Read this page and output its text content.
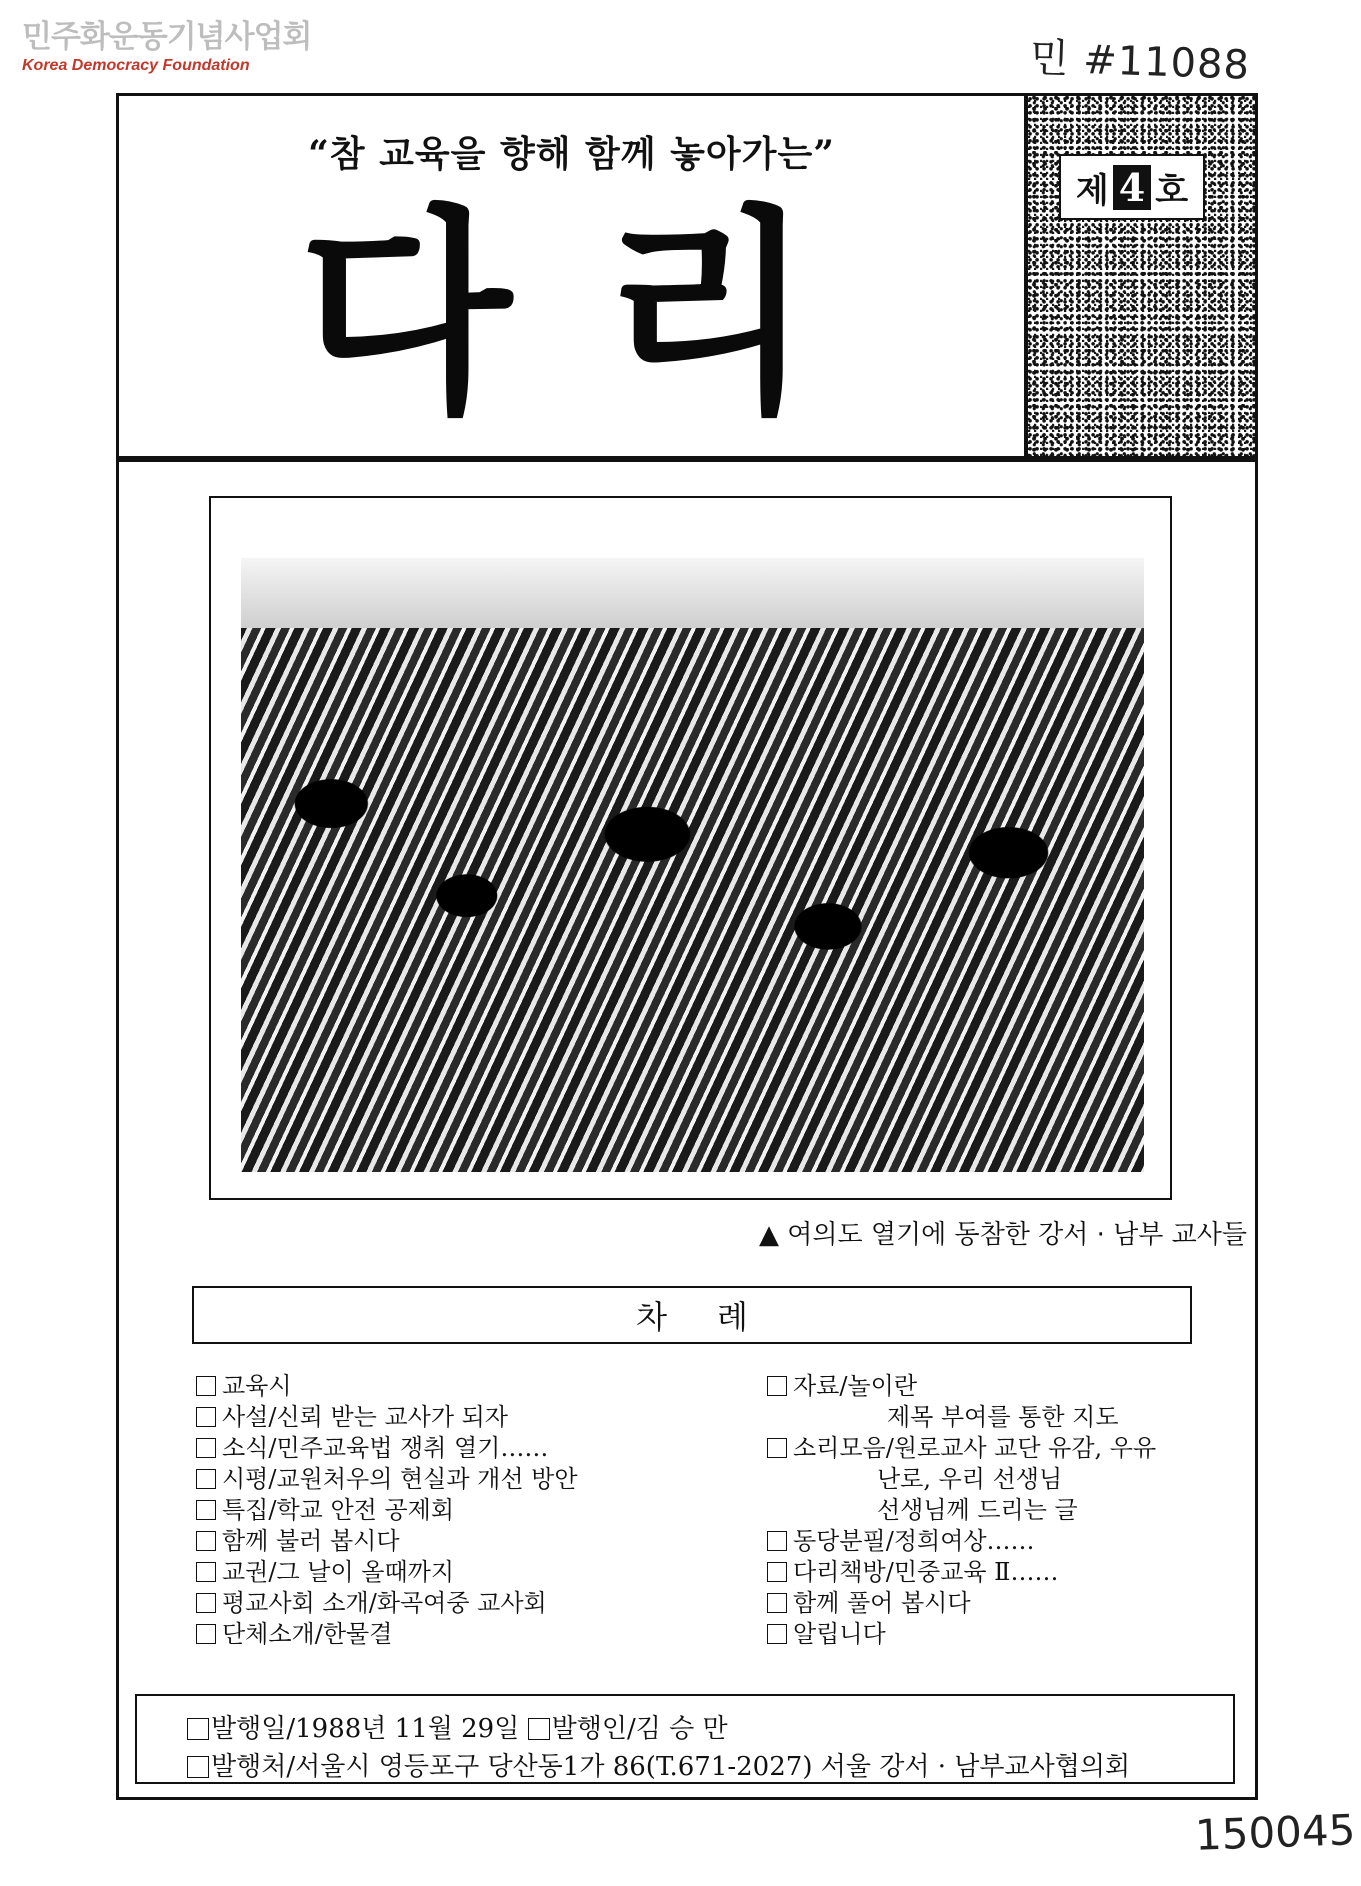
민주화운동기념사업회
Korea Democracy Foundation	민 #11088
“참 교육을 향해 함께 놓아가는”
다리	제 4 호
▲ 여의도 열기에 동참한 강서 · 남부 교사들
차례
교육시
사설/신뢰 받는 교사가 되자
소식/민주교육법 쟁취 열기……
시평/교원처우의 현실과 개선 방안
특집/학교 안전 공제회
함께 불러 봅시다
교권/그 날이 올때까지
평교사회 소개/화곡여중 교사회
단체소개/한물결
자료/놀이란
제목 부여를 통한 지도
소리모음/원로교사 교단 유감, 우유
난로, 우리 선생님
선생님께 드리는 글
동당분필/정희여상……
다리책방/민중교육 Ⅱ……
함께 풀어 봅시다
알립니다
발행일/1988년 11월 29일 발행인/김 승 만
발행처/서울시 영등포구 당산동1가 86(T.671-2027) 서울 강서 · 남부교사협의회
150045
